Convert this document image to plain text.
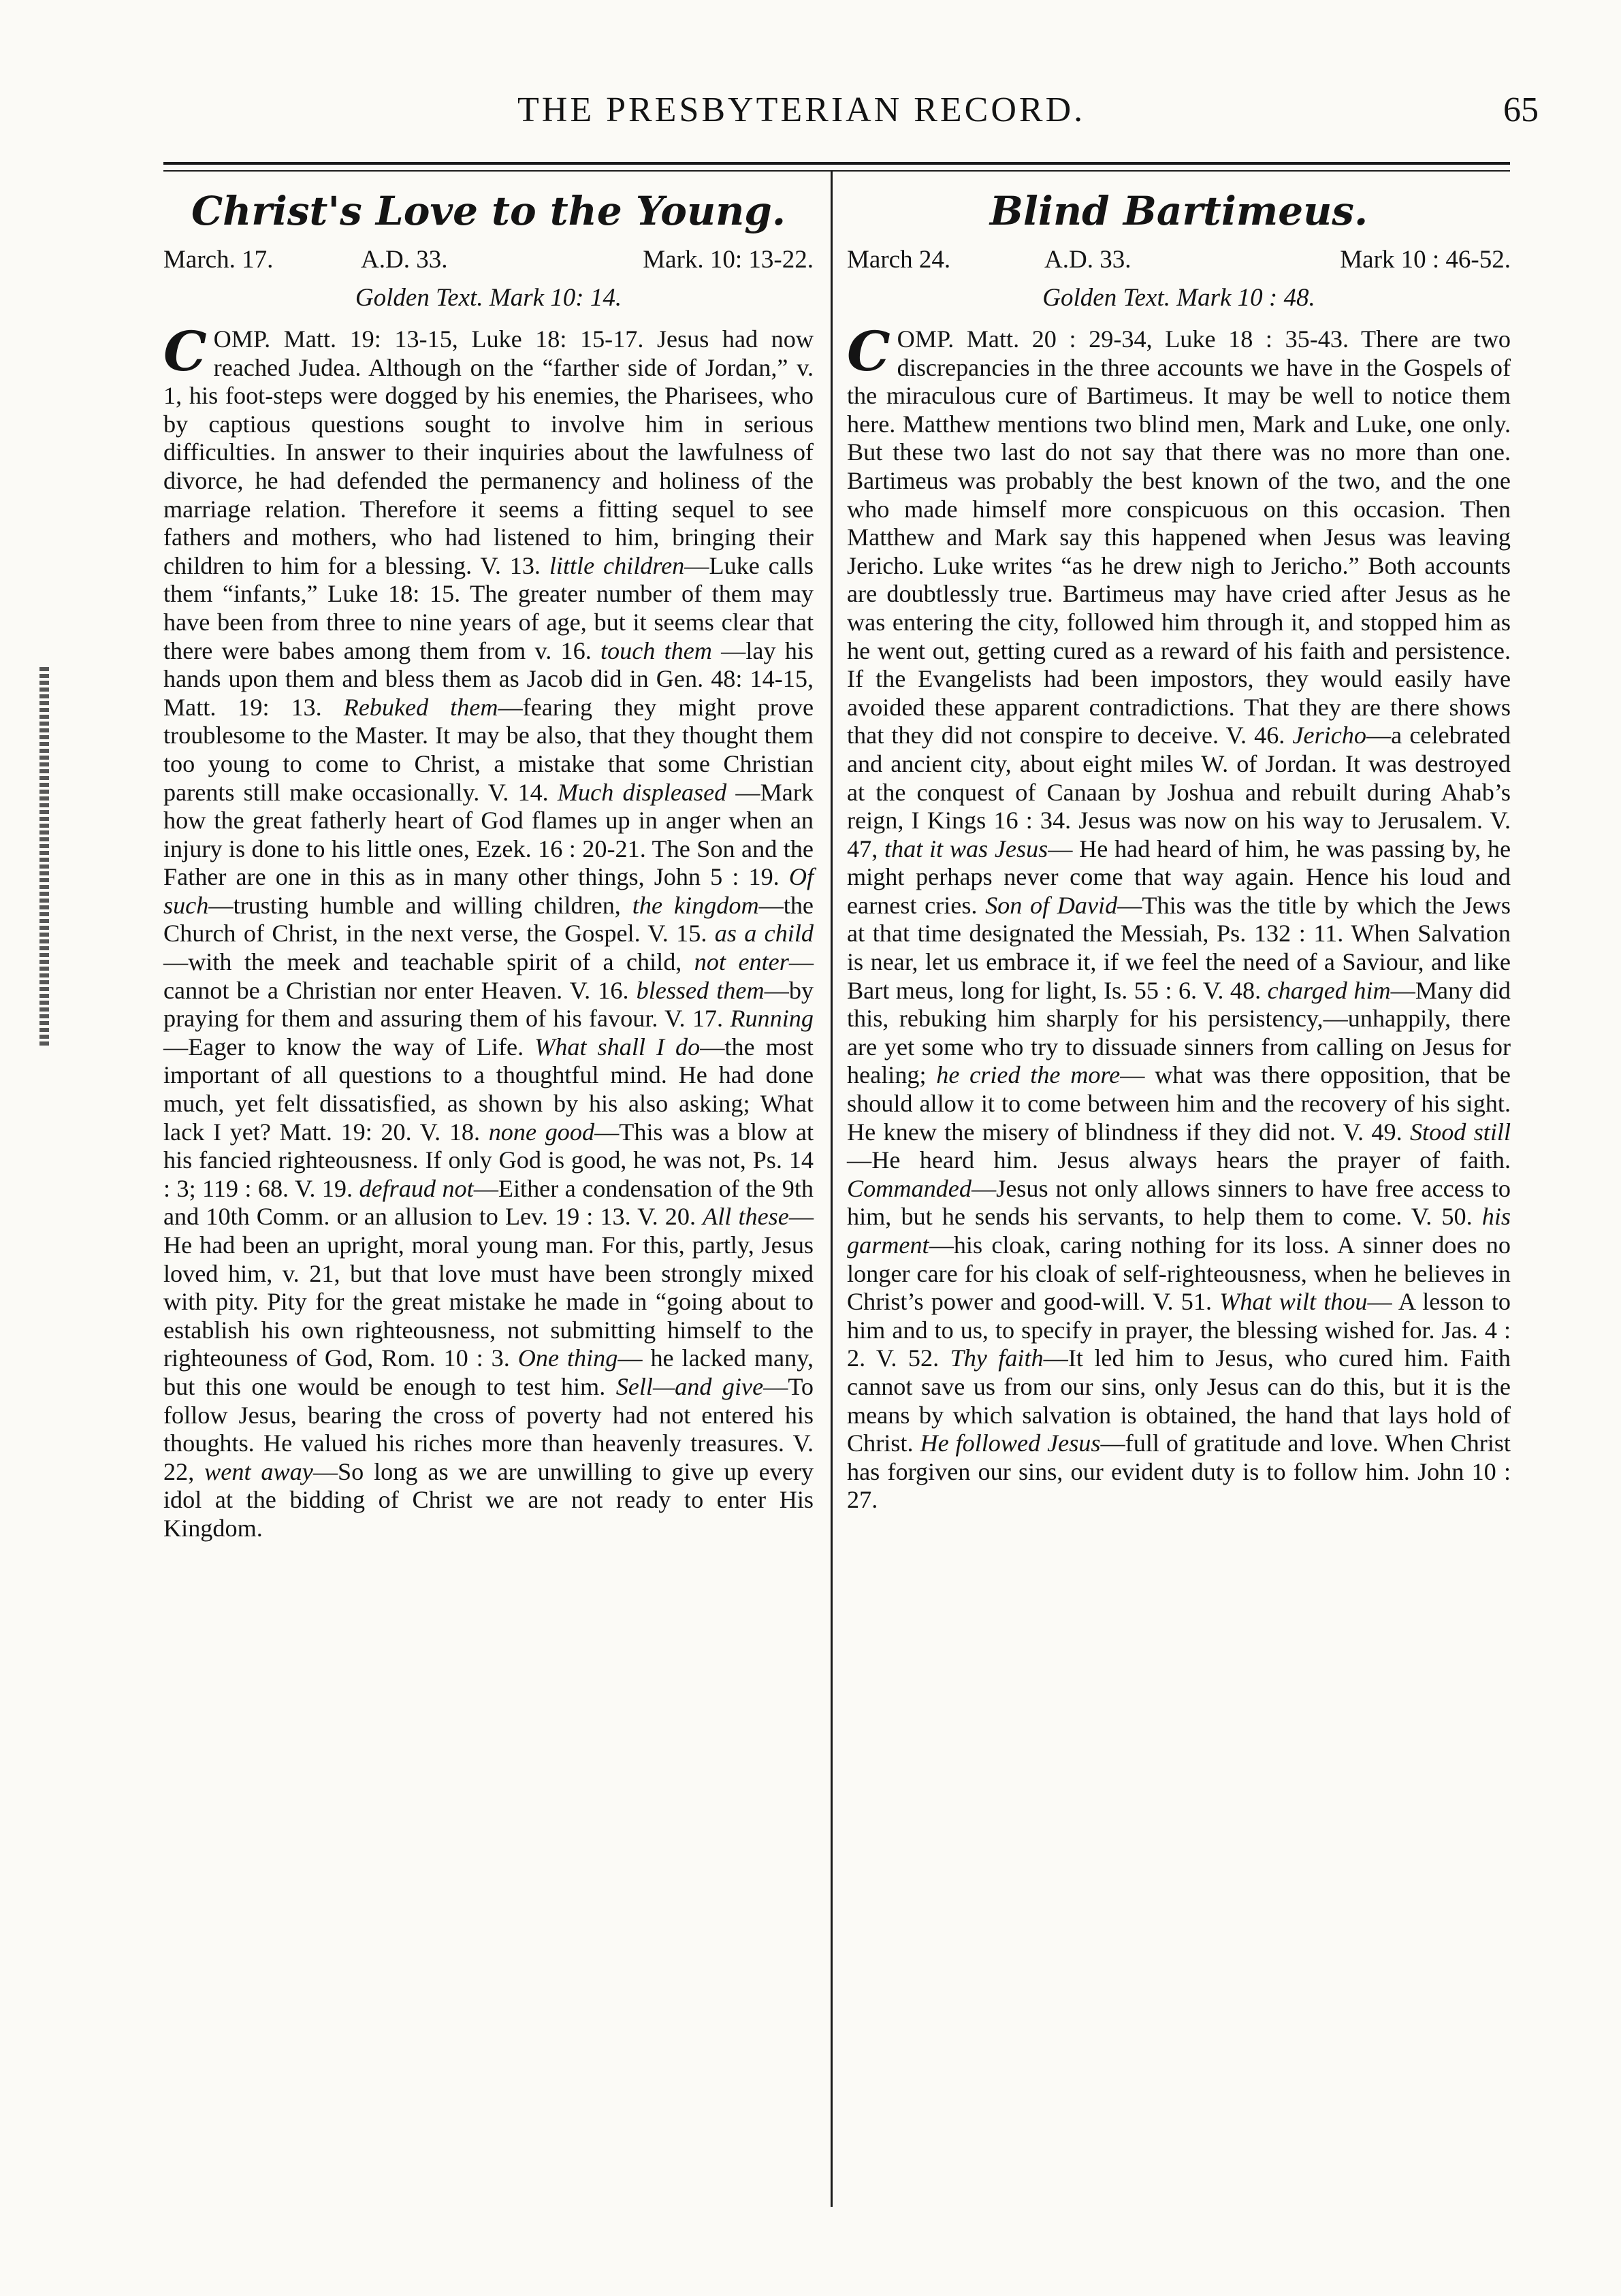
THE PRESBYTERIAN RECORD.	65
Christ's Love to the Young.
March. 17.	A.D. 33.	Mark. 10: 13-22.
Golden Text. Mark 10: 14.

COMP. Matt. 19: 13-15, Luke 18: 15-17. Jesus had now reached Judea. Although on the “farther side of Jordan,” v. 1, his foot-steps were dogged by his enemies, the Pharisees, who by captious questions sought to involve him in serious difficulties. In answer to their inquiries about the lawfulness of divorce, he had defended the permanency and holiness of the marriage relation. Therefore it seems a fitting sequel to see fathers and mothers, who had listened to him, bringing their children to him for a blessing. V. 13. little children—Luke calls them “infants,” Luke 18: 15. The greater number of them may have been from three to nine years of age, but it seems clear that there were babes among them from v. 16. touch them —lay his hands upon them and bless them as Jacob did in Gen. 48: 14-15, Matt. 19: 13. Rebuked them—fearing they might prove troublesome to the Master. It may be also, that they thought them too young to come to Christ, a mistake that some Christian parents still make occasionally. V. 14. Much displeased —Mark how the great fatherly heart of God flames up in anger when an injury is done to his little ones, Ezek. 16 : 20-21. The Son and the Father are one in this as in many other things, John 5 : 19. Of such—trusting humble and willing children, the kingdom—the Church of Christ, in the next verse, the Gospel. V. 15. as a child—with the meek and teachable spirit of a child, not enter—cannot be a Christian nor enter Heaven. V. 16. blessed them—by praying for them and assuring them of his favour. V. 17. Running—Eager to know the way of Life. What shall I do—the most important of all questions to a thoughtful mind. He had done much, yet felt dissatisfied, as shown by his also asking; What lack I yet? Matt. 19: 20. V. 18. none good—This was a blow at his fancied righteousness. If only God is good, he was not, Ps. 14 : 3; 119 : 68. V. 19. defraud not—Either a condensation of the 9th and 10th Comm. or an allusion to Lev. 19 : 13. V. 20. All these—He had been an upright, moral young man. For this, partly, Jesus loved him, v. 21, but that love must have been strongly mixed with pity. Pity for the great mistake he made in “going about to establish his own righteousness, not submitting himself to the righteouness of God, Rom. 10 : 3. One thing— he lacked many, but this one would be enough to test him. Sell—and give—To follow Jesus, bearing the cross of poverty had not entered his thoughts. He valued his riches more than heavenly treasures. V. 22, went away—So long as we are unwilling to give up every idol at the bidding of Christ we are not ready to enter His Kingdom.

Blind Bartimeus.
March 24.	A.D. 33.	Mark 10 : 46-52.
Golden Text. Mark 10 : 48.

COMP. Matt. 20 : 29-34, Luke 18 : 35-43. There are two discrepancies in the three accounts we have in the Gospels of the miraculous cure of Bartimeus. It may be well to notice them here. Matthew mentions two blind men, Mark and Luke, one only. But these two last do not say that there was no more than one. Bartimeus was probably the best known of the two, and the one who made himself more conspicuous on this occasion. Then Matthew and Mark say this happened when Jesus was leaving Jericho. Luke writes “as he drew nigh to Jericho.” Both accounts are doubtlessly true. Bartimeus may have cried after Jesus as he was entering the city, followed him through it, and stopped him as he went out, getting cured as a reward of his faith and persistence. If the Evangelists had been impostors, they would easily have avoided these apparent contradictions. That they are there shows that they did not conspire to deceive. V. 46. Jericho—a celebrated and ancient city, about eight miles W. of Jordan. It was destroyed at the conquest of Canaan by Joshua and rebuilt during Ahab’s reign, I Kings 16 : 34. Jesus was now on his way to Jerusalem. V. 47, that it was Jesus— He had heard of him, he was passing by, he might perhaps never come that way again. Hence his loud and earnest cries. Son of David—This was the title by which the Jews at that time designated the Messiah, Ps. 132 : 11. When Salvation is near, let us embrace it, if we feel the need of a Saviour, and like Bart meus, long for light, Is. 55 : 6. V. 48. charged him—Many did this, rebuking him sharply for his persistency,—unhappily, there are yet some who try to dissuade sinners from calling on Jesus for healing; he cried the more— what was there opposition, that be should allow it to come between him and the recovery of his sight. He knew the misery of blindness if they did not. V. 49. Stood still—He heard him. Jesus always hears the prayer of faith. Commanded—Jesus not only allows sinners to have free access to him, but he sends his servants, to help them to come. V. 50. his garment—his cloak, caring nothing for its loss. A sinner does no longer care for his cloak of self-righteousness, when he believes in Christ’s power and good-will. V. 51. What wilt thou— A lesson to him and to us, to specify in prayer, the blessing wished for. Jas. 4 : 2. V. 52. Thy faith—It led him to Jesus, who cured him. Faith cannot save us from our sins, only Jesus can do this, but it is the means by which salvation is obtained, the hand that lays hold of Christ. He followed Jesus—full of gratitude and love. When Christ has forgiven our sins, our evident duty is to follow him. John 10 : 27.
